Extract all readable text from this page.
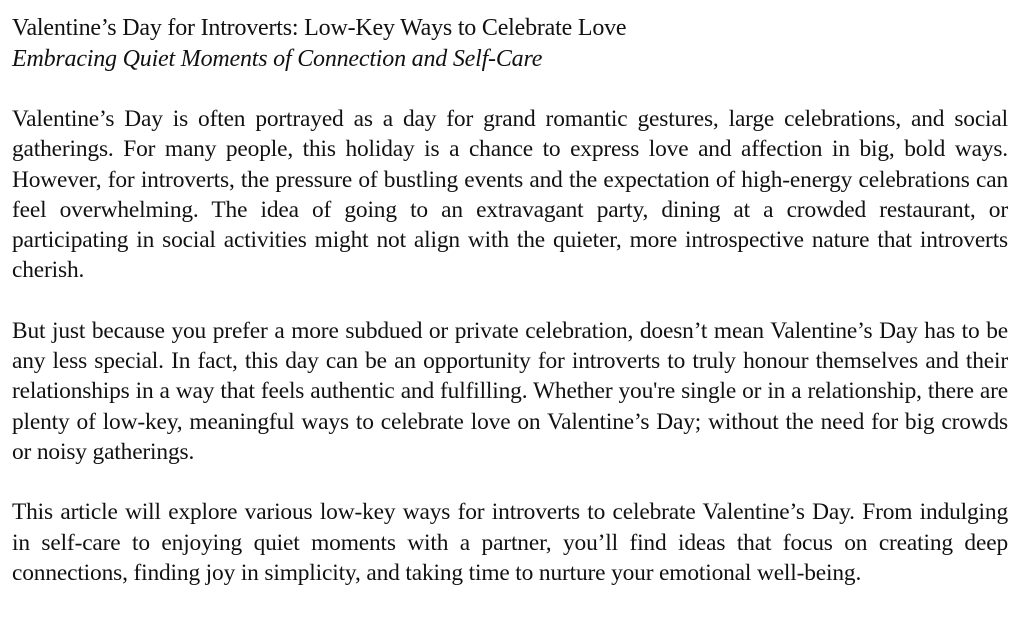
Valentine’s Day for Introverts: Low-Key Ways to Celebrate Love
Embracing Quiet Moments of Connection and Self-Care

Valentine’s Day is often portrayed as a day for grand romantic gestures, large celebrations, and social gatherings. For many people, this holiday is a chance to express love and affection in big, bold ways. However, for introverts, the pressure of bustling events and the expectation of high-energy celebrations can feel overwhelming. The idea of going to an extravagant party, dining at a crowded restaurant, or participating in social activities might not align with the quieter, more introspective nature that introverts cherish.

But just because you prefer a more subdued or private celebration, doesn’t mean Valentine’s Day has to be any less special. In fact, this day can be an opportunity for introverts to truly honour themselves and their relationships in a way that feels authentic and fulfilling. Whether you're single or in a relationship, there are plenty of low-key, meaningful ways to celebrate love on Valentine’s Day; without the need for big crowds or noisy gatherings.

This article will explore various low-key ways for introverts to celebrate Valentine’s Day. From indulging in self-care to enjoying quiet moments with a partner, you’ll find ideas that focus on creating deep connections, finding joy in simplicity, and taking time to nurture your emotional well-being.
